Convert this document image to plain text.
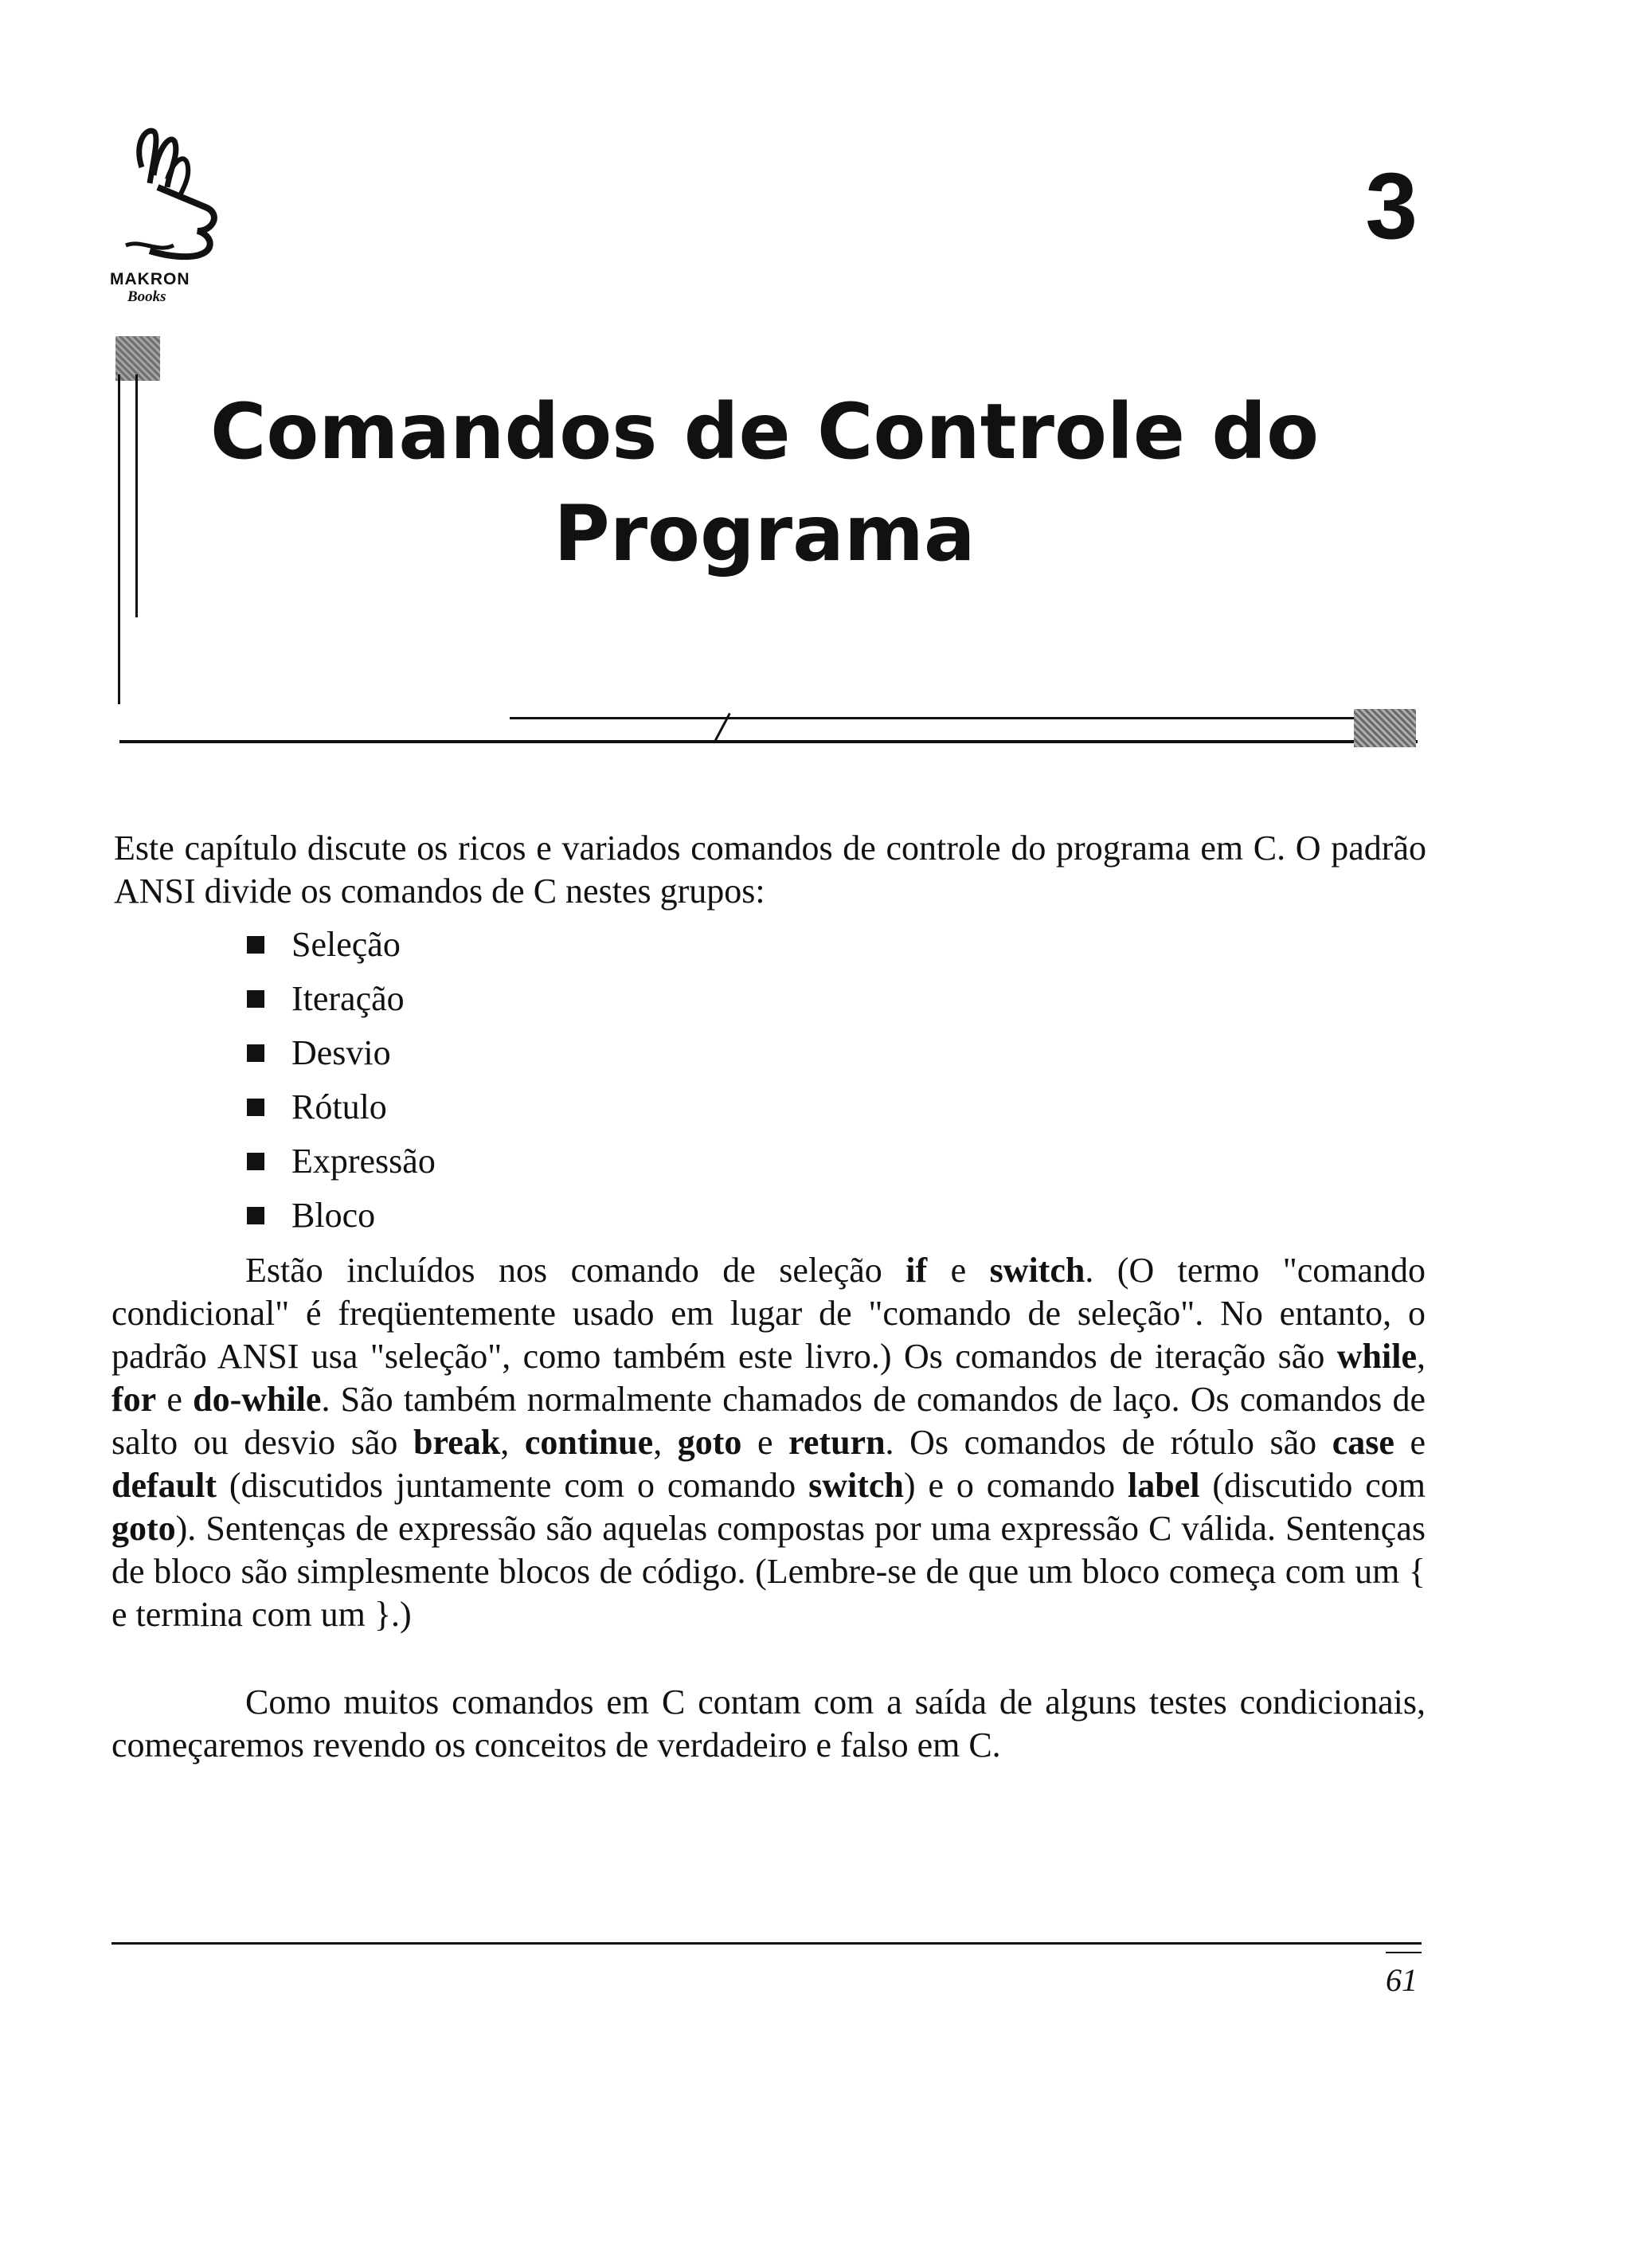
MAKRON
Books
3
Comandos de Controle do
Programa

Este capítulo discute os ricos e variados comandos de controle do programa em C. O padrão ANSI divide os comandos de C nestes grupos:

Seleção
Iteração
Desvio
Rótulo
Expressão
Bloco

Estão incluídos nos comando de seleção if e switch. (O termo "comando condicional" é freqüentemente usado em lugar de "comando de seleção". No entanto, o padrão ANSI usa "seleção", como também este livro.) Os comandos de iteração são while, for e do-while. São também normalmente chamados de comandos de laço. Os comandos de salto ou desvio são break, continue, goto e return. Os comandos de rótulo são case e default (discutidos juntamente com o comando switch) e o comando label (discutido com goto). Sentenças de expressão são aquelas compostas por uma expressão C válida. Sentenças de bloco são simplesmente blocos de código. (Lembre-se de que um bloco começa com um { e termina com um }.)

Como muitos comandos em C contam com a saída de alguns testes condicionais, começaremos revendo os conceitos de verdadeiro e falso em C.

61
